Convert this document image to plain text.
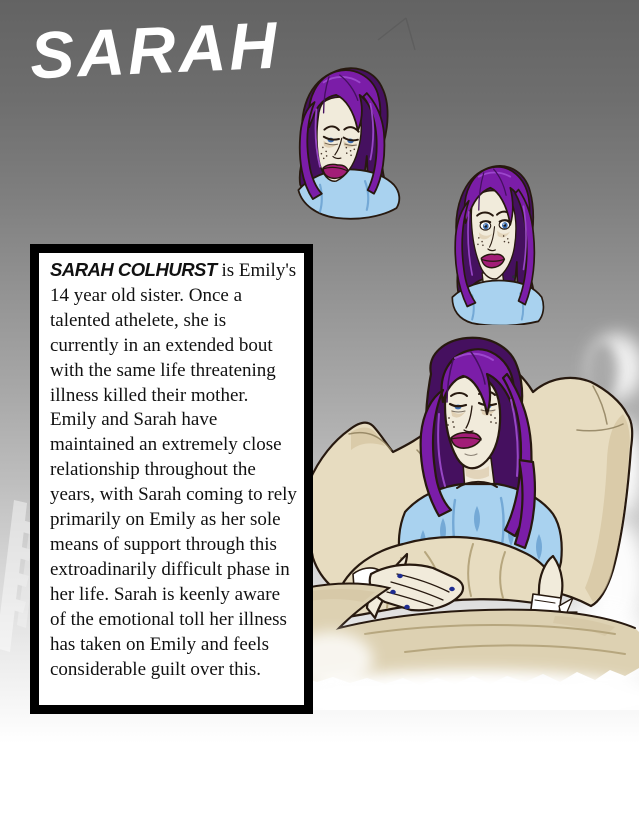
SARAH

SARAH COLHURST is Emily's 14 year old sister. Once a talented athelete, she is currently in an extended bout with the same life threatening illness killed their mother. Emily and Sarah have maintained an extremely close relationship throughout the years, with Sarah coming to rely primarily on Emily as her sole means of support through this extroadinarily difficult phase in her life. Sarah is keenly aware of the emotional toll her illness has taken on Emily and feels considerable guilt over this.
